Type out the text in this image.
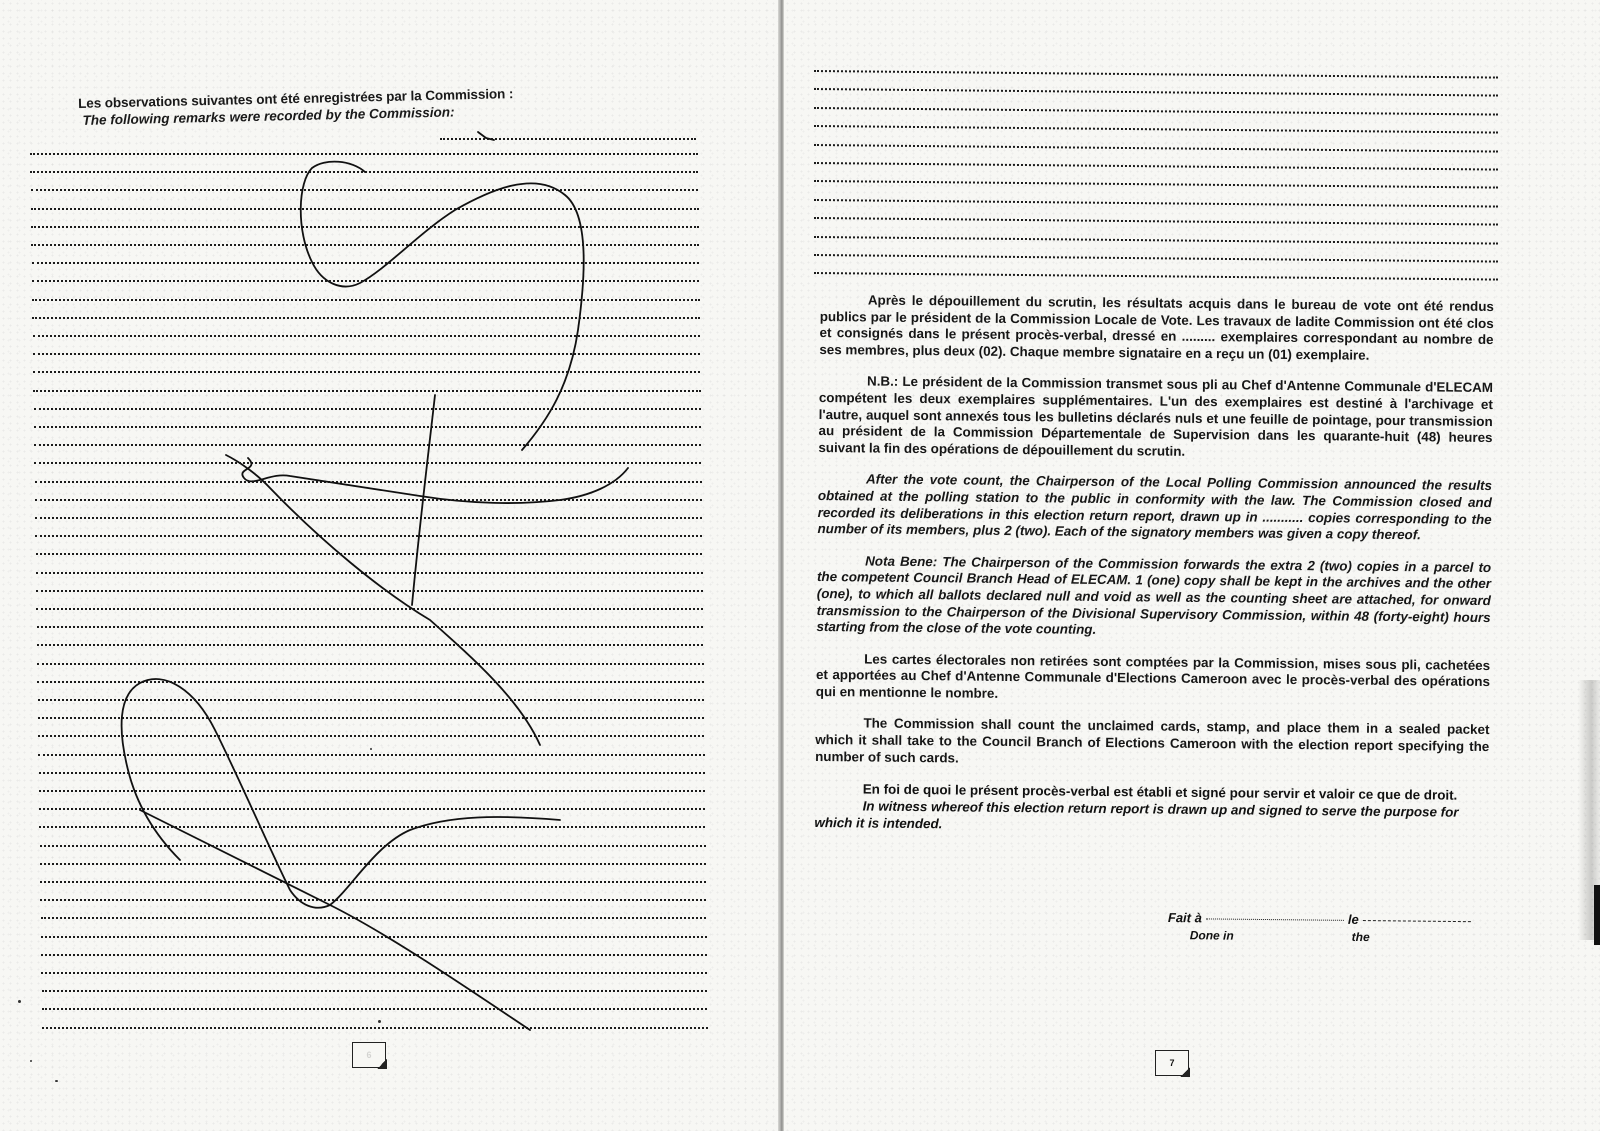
Les observations suivantes ont été enregistrées par la Commission :
The following remarks were recorded by the Commission:
6

Après le dépouillement du scrutin, les résultats acquis dans le bureau de vote ont été rendus publics par le président de la Commission Locale de Vote. Les travaux de ladite Commission ont été clos et consignés dans le présent procès-verbal, dressé en ......... exemplaires correspondant au nombre de ses membres, plus deux (02). Chaque membre signataire en a reçu un (01) exemplaire.

N.B.: Le président de la Commission transmet sous pli au Chef d'Antenne Communale d'ELECAM compétent les deux exemplaires supplémentaires. L'un des exemplaires est destiné à l'archivage et l'autre, auquel sont annexés tous les bulletins déclarés nuls et une feuille de pointage, pour transmission au président de la Commission Départementale de Supervision dans les quarante-huit (48) heures suivant la fin des opérations de dépouillement du scrutin.

After the vote count, the Chairperson of the Local Polling Commission announced the results obtained at the polling station to the public in conformity with the law. The Commission closed and recorded its deliberations in this election return report, drawn up in ........... copies corresponding to the number of its members, plus 2 (two). Each of the signatory members was given a copy thereof.

Nota Bene: The Chairperson of the Commission forwards the extra 2 (two) copies in a parcel to the competent Council Branch Head of ELECAM. 1 (one) copy shall be kept in the archives and the other (one), to which all ballots declared null and void as well as the counting sheet are attached, for onward transmission to the Chairperson of the Divisional Supervisory Commission, within 48 (forty-eight) hours starting from the close of the vote counting.

Les cartes électorales non retirées sont comptées par la Commission, mises sous pli, cachetées et apportées au Chef d'Antenne Communale d'Elections Cameroon avec le procès-verbal des opérations qui en mentionne le nombre.

The Commission shall count the unclaimed cards, stamp, and place them in a sealed packet which it shall take to the Council Branch of Elections Cameroon with the election report specifying the number of such cards.

En foi de quoi le présent procès-verbal est établi et signé pour servir et valoir ce que de droit.
In witness whereof this election return report is drawn up and signed to serve the purpose for which it is intended.
Fait à	le
Done in	the
7
